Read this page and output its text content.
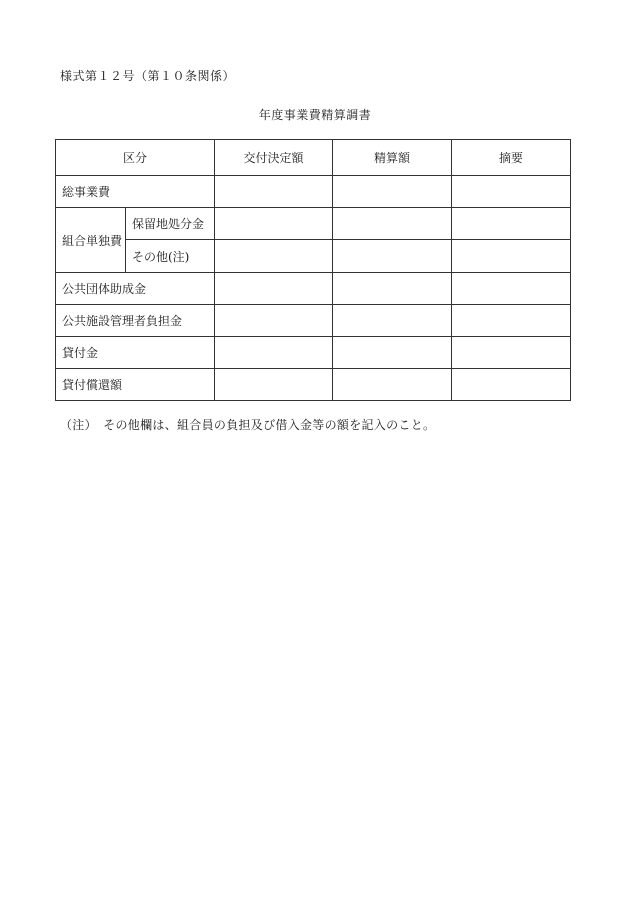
様式第１２号（第１０条関係）
年度事業費精算調書
区分		交付決定額	精算額	摘要
総事業費				
組合単独費	保留地処分金			
	その他(注)			
公共団体助成金				
公共施設管理者負担金				
貸付金				
貸付償還額				
（注）　その他欄は、組合員の負担及び借入金等の額を記入のこと。
